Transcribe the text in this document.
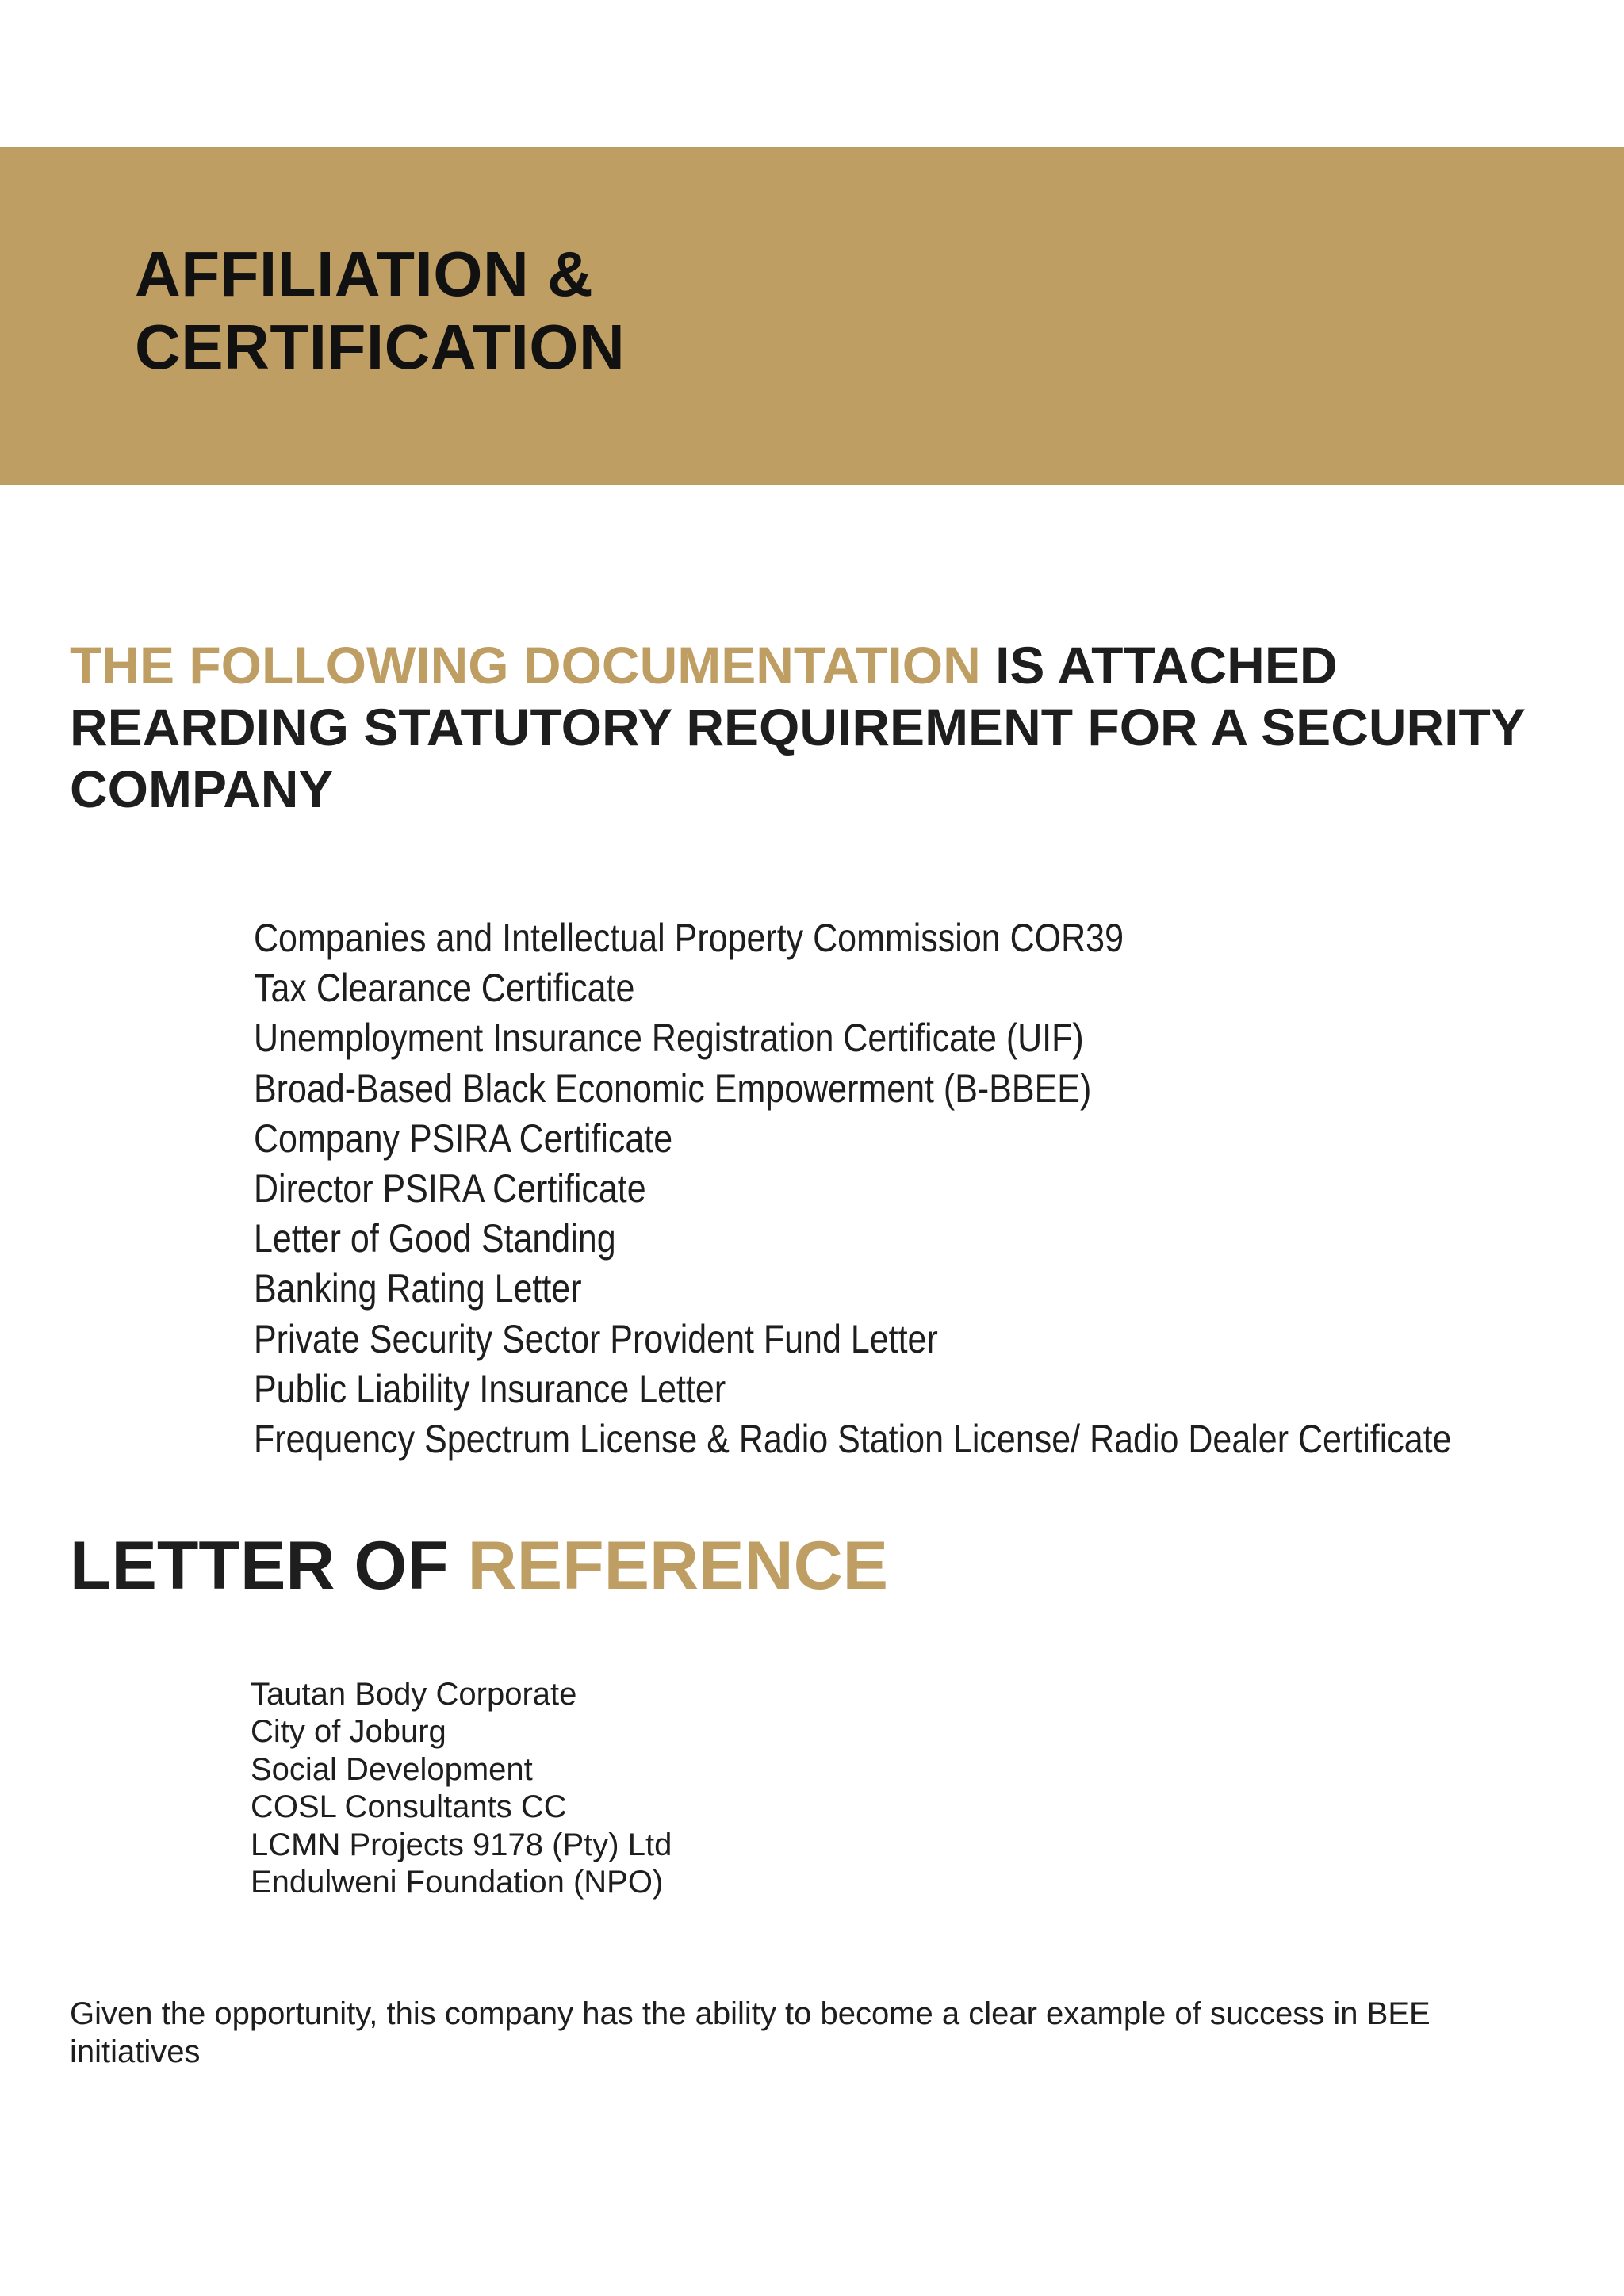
AFFILIATION &
CERTIFICATION
THE FOLLOWING DOCUMENTATION IS ATTACHED REARDING STATUTORY REQUIREMENT FOR A SECURITY COMPANY
Companies and Intellectual Property Commission COR39
Tax Clearance Certificate
Unemployment Insurance Registration Certificate (UIF)
Broad-Based Black Economic Empowerment (B-BBEE)
Company PSIRA Certificate
Director PSIRA Certificate
Letter of Good Standing
Banking Rating Letter
Private Security Sector Provident Fund Letter
Public Liability Insurance Letter
Frequency Spectrum License & Radio Station License/ Radio Dealer Certificate
LETTER OF REFERENCE
Tautan Body Corporate
City of Joburg
Social Development
COSL Consultants CC
LCMN Projects 9178 (Pty) Ltd
Endulweni Foundation (NPO)

Given the opportunity, this company has the ability to become a clear example of success in BEE initiatives
